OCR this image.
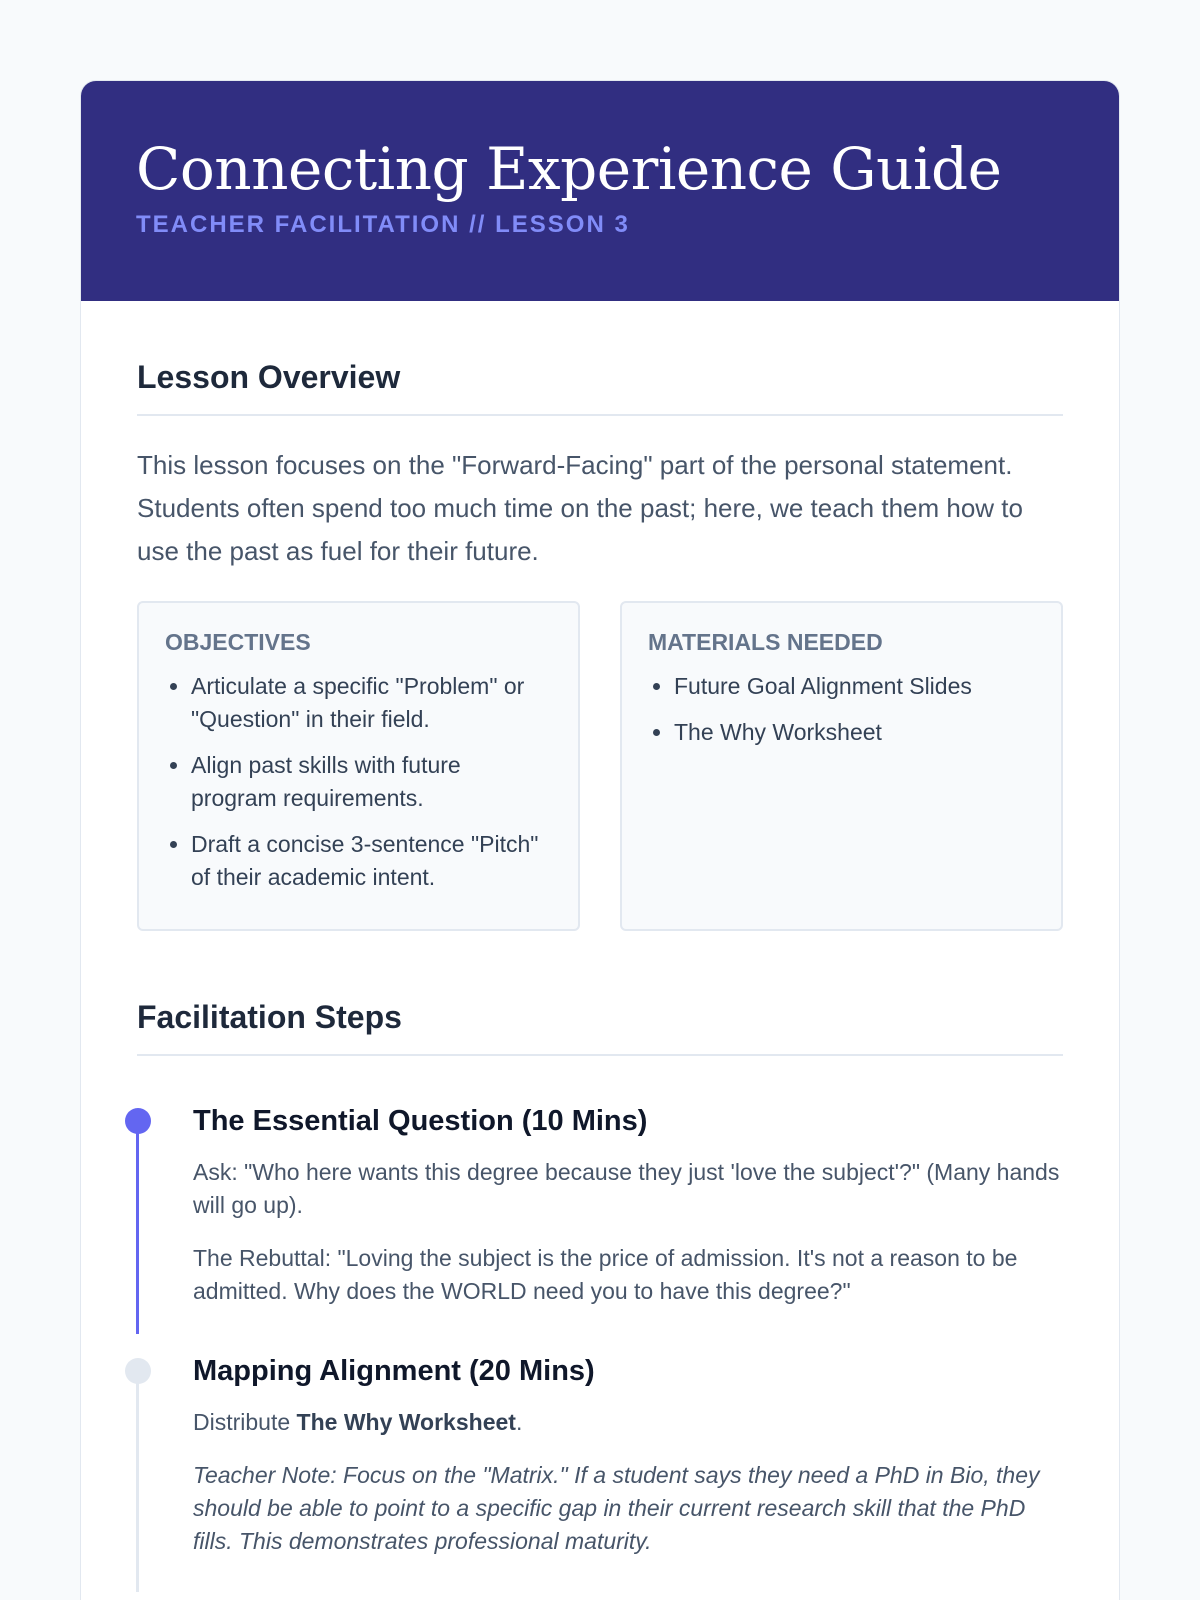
Connecting Experience Guide
TEACHER FACILITATION // LESSON 3
Lesson Overview

This lesson focuses on the "Forward-Facing" part of the personal statement. Students often spend too much time on the past; here, we teach them how to use the past as fuel for their future.

OBJECTIVES
• Articulate a specific "Problem" or "Question" in their field.
• Align past skills with future program requirements.
• Draft a concise 3-sentence "Pitch" of their academic intent.
MATERIALS NEEDED
• Future Goal Alignment Slides
• The Why Worksheet
Facilitation Steps
The Essential Question (10 Mins)

Ask: "Who here wants this degree because they just 'love the subject'?" (Many hands will go up).

The Rebuttal: "Loving the subject is the price of admission. It's not a reason to be admitted. Why does the WORLD need you to have this degree?"

Mapping Alignment (20 Mins)

Distribute The Why Worksheet.

Teacher Note: Focus on the "Matrix." If a student says they need a PhD in Bio, they should be able to point to a specific gap in their current research skill that the PhD fills. This demonstrates professional maturity.
